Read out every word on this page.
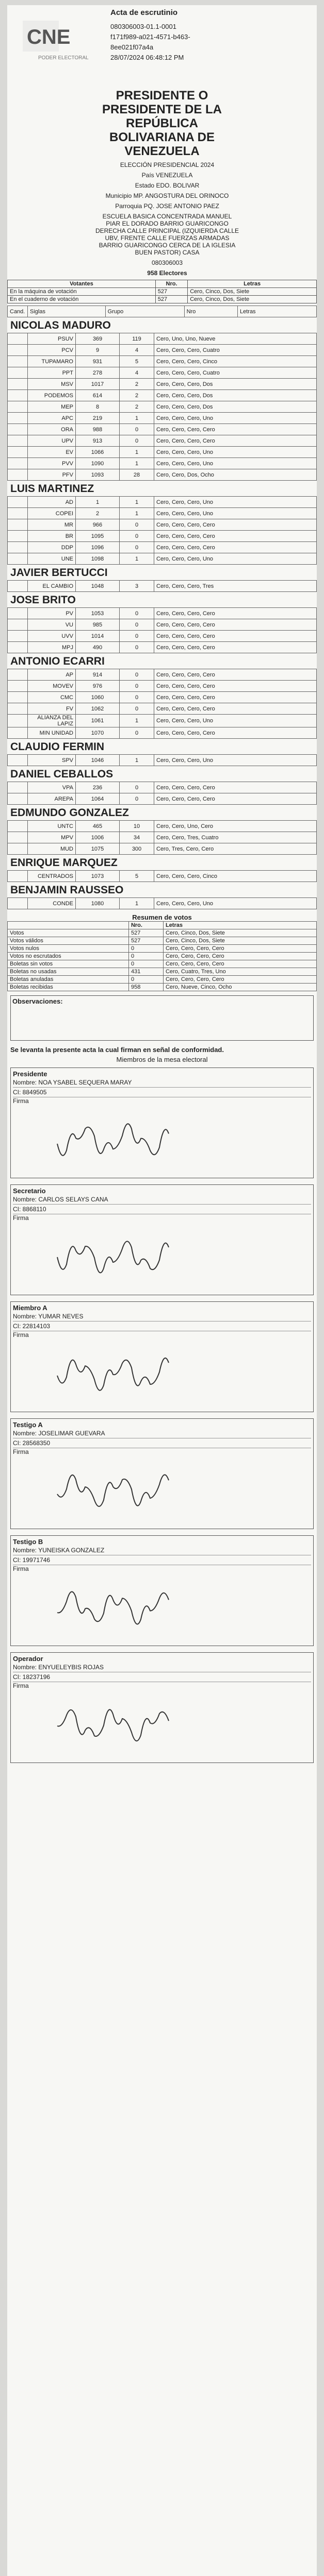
CNE
PODER ELECTORAL
Acta de escrutinio
080306003-01.1-0001
f171f989-a021-4571-b463-
8ee021f07a4a
28/07/2024 06:48:12 PM
PRESIDENTE O PRESIDENTE DE LA REPÚBLICA BOLIVARIANA DE VENEZUELA

ELECCIÓN PRESIDENCIAL 2024

País VENEZUELA

Estado EDO. BOLIVAR

Municipio MP. ANGOSTURA DEL ORINOCO

Parroquia PQ. JOSE ANTONIO PAEZ

ESCUELA BASICA CONCENTRADA MANUEL PIAR EL DORADO BARRIO GUARICONGO DERECHA CALLE PRINCIPAL (IZQUIERDA CALLE UBV, FRENTE CALLE FUERZAS ARMADAS BARRIO GUARICONGO CERCA DE LA IGLESIA BUEN PASTOR) CASA

080306003

958 Electores

Votantes	Nro.	Letras
En la máquina de votación	527	Cero, Cinco, Dos, Siete
En el cuaderno de votación	527	Cero, Cinco, Dos, Siete
Cand.	Siglas	Grupo	Nro	Letras
NICOLAS MADURO
	PSUV	369	119	Cero, Uno, Uno, Nueve
	PCV	9	4	Cero, Cero, Cero, Cuatro
	TUPAMARO	931	5	Cero, Cero, Cero, Cinco
	PPT	278	4	Cero, Cero, Cero, Cuatro
	MSV	1017	2	Cero, Cero, Cero, Dos
	PODEMOS	614	2	Cero, Cero, Cero, Dos
	MEP	8	2	Cero, Cero, Cero, Dos
	APC	219	1	Cero, Cero, Cero, Uno
	ORA	988	0	Cero, Cero, Cero, Cero
	UPV	913	0	Cero, Cero, Cero, Cero
	EV	1066	1	Cero, Cero, Cero, Uno
	PVV	1090	1	Cero, Cero, Cero, Uno
	PFV	1093	28	Cero, Cero, Dos, Ocho
LUIS MARTINEZ
	AD	1	1	Cero, Cero, Cero, Uno
	COPEI	2	1	Cero, Cero, Cero, Uno
	MR	966	0	Cero, Cero, Cero, Cero
	BR	1095	0	Cero, Cero, Cero, Cero
	DDP	1096	0	Cero, Cero, Cero, Cero
	UNE	1098	1	Cero, Cero, Cero, Uno
JAVIER BERTUCCI
	EL CAMBIO	1048	3	Cero, Cero, Cero, Tres
JOSE BRITO
	PV	1053	0	Cero, Cero, Cero, Cero
	VU	985	0	Cero, Cero, Cero, Cero
	UVV	1014	0	Cero, Cero, Cero, Cero
	MPJ	490	0	Cero, Cero, Cero, Cero
ANTONIO ECARRI
	AP	914	0	Cero, Cero, Cero, Cero
	MOVEV	976	0	Cero, Cero, Cero, Cero
	CMC	1060	0	Cero, Cero, Cero, Cero
	FV	1062	0	Cero, Cero, Cero, Cero
	ALIANZA DEL LAPIZ	1061	1	Cero, Cero, Cero, Uno
	MIN UNIDAD	1070	0	Cero, Cero, Cero, Cero
CLAUDIO FERMIN
	SPV	1046	1	Cero, Cero, Cero, Uno
DANIEL CEBALLOS
	VPA	236	0	Cero, Cero, Cero, Cero
	AREPA	1064	0	Cero, Cero, Cero, Cero
EDMUNDO GONZALEZ
	UNTC	465	10	Cero, Cero, Uno, Cero
	MPV	1006	34	Cero, Cero, Tres, Cuatro
	MUD	1075	300	Cero, Tres, Cero, Cero
ENRIQUE MARQUEZ
	CENTRADOS	1073	5	Cero, Cero, Cero, Cinco
BENJAMIN RAUSSEO
	CONDE	1080	1	Cero, Cero, Cero, Uno
Resumen de votos
	Nro.	Letras
Votos	527	Cero, Cinco, Dos, Siete
Votos válidos	527	Cero, Cinco, Dos, Siete
Votos nulos	0	Cero, Cero, Cero, Cero
Votos no escrutados	0	Cero, Cero, Cero, Cero
Boletas sin votos	0	Cero, Cero, Cero, Cero
Boletas no usadas	431	Cero, Cuatro, Tres, Uno
Boletas anuladas	0	Cero, Cero, Cero, Cero
Boletas recibidas	958	Cero, Nueve, Cinco, Ocho
Observaciones:
Se levanta la presente acta la cual firman en señal de conformidad.
Miembros de la mesa electoral
Presidente
Nombre: NOA YSABEL SEQUERA MARAY
CI: 8849505
Firma
Secretario
Nombre: CARLOS SELAYS CANA
CI: 8868110
Firma
Miembro A
Nombre: YUMAR NEVES
CI: 22814103
Firma
Testigo A
Nombre: JOSELIMAR GUEVARA
CI: 28568350
Firma
Testigo B
Nombre: YUNEISKA GONZALEZ
CI: 19971746
Firma
Operador
Nombre: ENYUELEYBIS ROJAS
CI: 18237196
Firma
